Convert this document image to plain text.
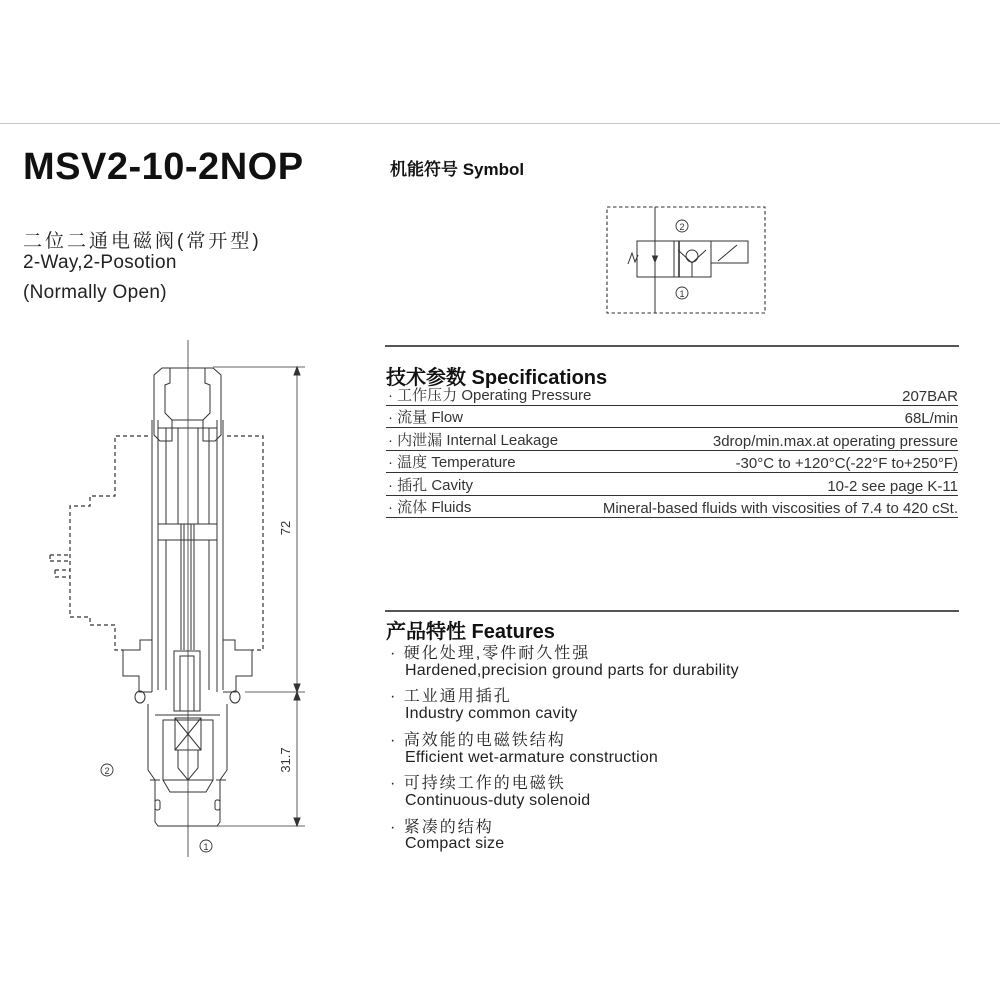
MSV2-10-2NOP
二位二通电磁阀(常开型)
2-Way,2-Posotion
(Normally Open)
72
31.7
2
1
机能符号 Symbol
2
1
技术参数 Specifications
· 工作压力 Operating Pressure	207BAR
· 流量 Flow	68L/min
· 内泄漏 Internal Leakage	3drop/min.max.at operating pressure
· 温度 Temperature	-30°C to +120°C(-22°F to+250°F)
· 插孔 Cavity	10-2 see page K-11
· 流体 Fluids	Mineral-based fluids with viscosities of 7.4 to 420 cSt.
产品特性 Features
· 硬化处理,零件耐久性强
Hardened,precision ground parts for durability
· 工业通用插孔
Industry common cavity
· 高效能的电磁铁结构
Efficient wet-armature construction
· 可持续工作的电磁铁
Continuous-duty solenoid
· 紧凑的结构
Compact size
